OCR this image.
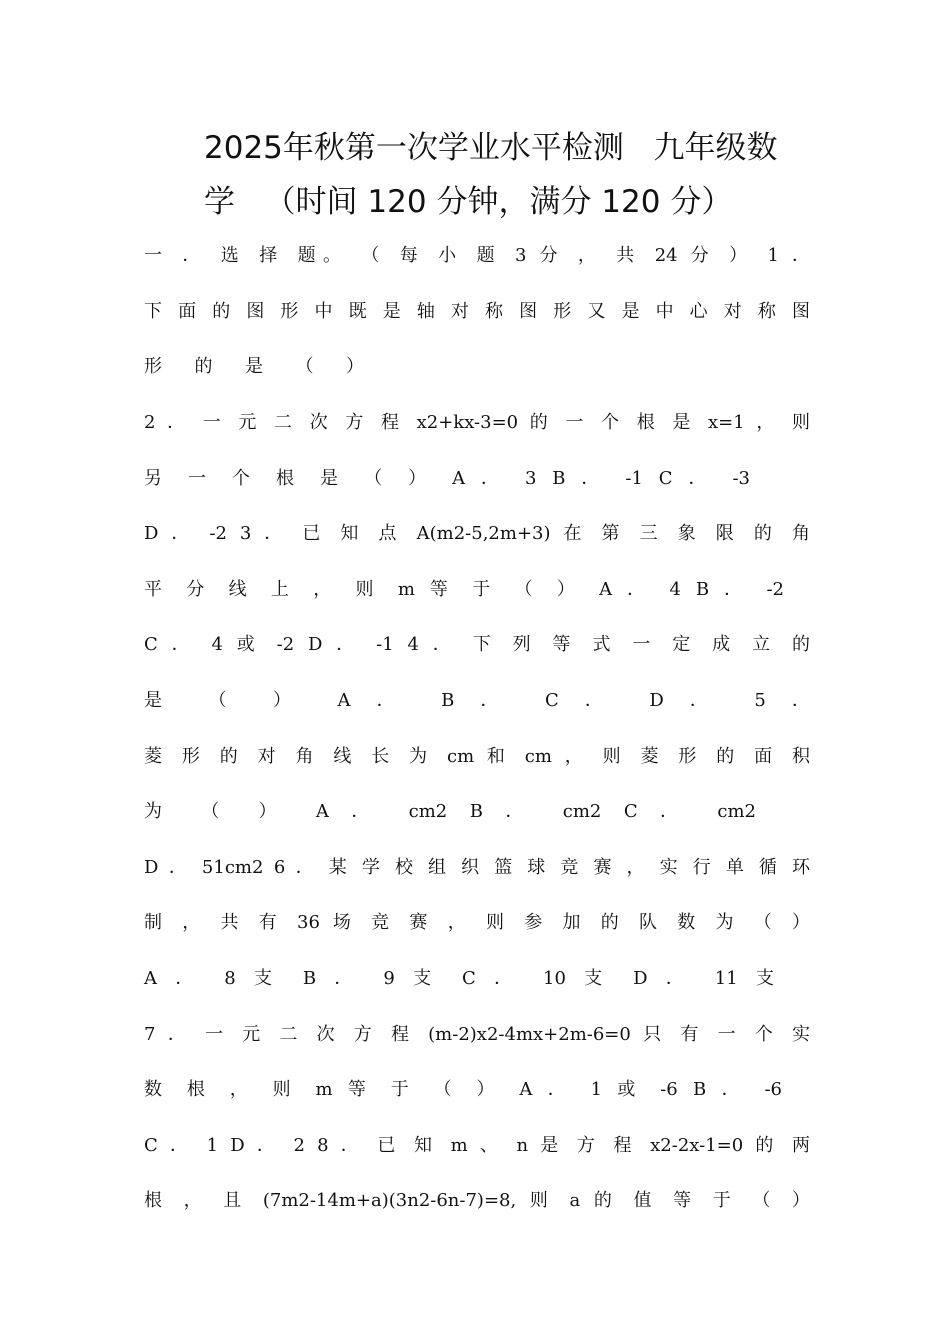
2025年秋第一次学业水平检测   九年级数
学   （时间 120 分钟，满分 120 分）
一 ． 选 择 题。 （ 每 小 题 3 分 ， 共 24 分 ） 1 ．
下 面 的 图 形 中 既 是 轴 对 称 图 形 又 是 中 心 对 称 图
形 的 是 （ ）
2 ． 一 元 二 次 方 程 x2+kx-3=0 的 一 个 根 是 x=1 ， 则
另 一 个 根 是 （ ） A ． 3 B ． -1 C ． -3
D ． -2 3 ． 已 知 点 A(m2-5,2m+3) 在 第 三 象 限 的 角
平 分 线 上 ， 则 m 等 于 （ ） A ． 4 B ． -2
C ． 4 或 -2 D ． -1 4 ． 下 列 等 式 一 定 成 立 的
是 （ ） A ． B ． C ． D ． 5 ．
菱 形 的 对 角 线 长 为 cm 和 cm ， 则 菱 形 的 面 积
为 （ ） A ． cm2 B ． cm2 C ． cm2
D ． 51cm2 6 ． 某 学 校 组 织 篮 球 竞 赛 ， 实 行 单 循 环
制 ， 共 有 36 场 竞 赛 ， 则 参 加 的 队 数 为 （ ）
A ． 8 支 B ． 9 支 C ． 10 支 D ． 11 支
7 ． 一 元 二 次 方 程 (m-2)x2-4mx+2m-6=0 只 有 一 个 实
数 根 ， 则 m 等 于 （ ） A ． 1 或 -6 B ． -6
C ． 1 D ． 2 8 ． 已 知 m 、 n 是 方 程 x2-2x-1=0 的 两
根 ， 且 (7m2-14m+a)(3n2-6n-7)=8, 则 a 的 值 等 于 （ ）
